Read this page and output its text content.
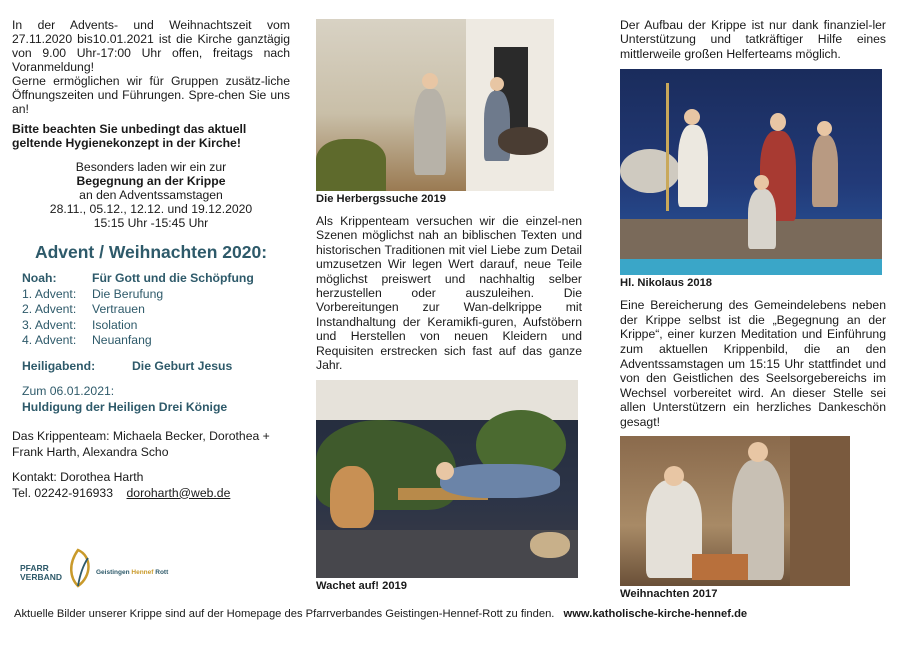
In der Advents- und Weihnachtszeit vom 27.11.2020 bis10.01.2021 ist die Kirche ganztägig von 9.00 Uhr-17:00 Uhr offen, freitags nach Voranmeldung!

Gerne ermöglichen wir für Gruppen zusätz-liche Öffnungszeiten und Führungen. Spre-chen Sie uns an!

Bitte beachten Sie unbedingt das aktuell geltende Hygienekonzept in der Kirche!

Besonders laden wir ein zur

Begegnung an der Krippe

an den Adventssamstagen

28.11., 05.12., 12.12. und 19.12.2020

15:15 Uhr -15:45 Uhr

Advent / Weihnachten 2020:

Noah:	Für Gott und die Schöpfung
1. Advent:	Die Berufung
2. Advent:	Vertrauen
3. Advent:	Isolation
4. Advent:	Neuanfang
Heiligabend:	Die Geburt Jesus
Zum 06.01.2021:
Huldigung der Heiligen Drei Könige

Das Krippenteam: Michaela Becker, Dorothea + Frank Harth, Alexandra Scho

Kontakt: Dorothea Harth

Tel. 02242-916933 doroharth@web.de

PFARR
VERBAND	Geistingen Hennef Rott

Die Herbergssuche 2019

Als Krippenteam versuchen wir die einzel-nen Szenen möglichst nah an biblischen Texten und historischen Traditionen mit viel Liebe zum Detail umzusetzen Wir legen Wert darauf, neue Teile möglichst preiswert und nachhaltig selber herzustellen oder auszuleihen. Die Vorbereitungen zur Wan-delkrippe mit Instandhaltung der Keramikfi-guren, Aufstöbern und Herstellen von neuen Kleidern und Requisiten erstrecken sich fast auf das ganze Jahr.

Wachet auf! 2019

Der Aufbau der Krippe ist nur dank finanziel-ler Unterstützung und tatkräftiger Hilfe eines mittlerweile großen Helferteams möglich.

Hl. Nikolaus 2018

Eine Bereicherung des Gemeindelebens neben der Krippe selbst ist die „Begegnung an der Krippe“, einer kurzen Meditation und Einführung zum aktuellen Krippenbild, die an den Adventssamstagen um 15:15 Uhr stattfindet und von den Geistlichen des Seelsorgebereichs im Wechsel vorbereitet wird. An dieser Stelle sei allen Unterstützern ein herzliches Dankeschön gesagt!

Weihnachten 2017

Aktuelle Bilder unserer Krippe sind auf der Homepage des Pfarrverbandes Geistingen-Hennef-Rott zu finden. www.katholische-kirche-hennef.de
